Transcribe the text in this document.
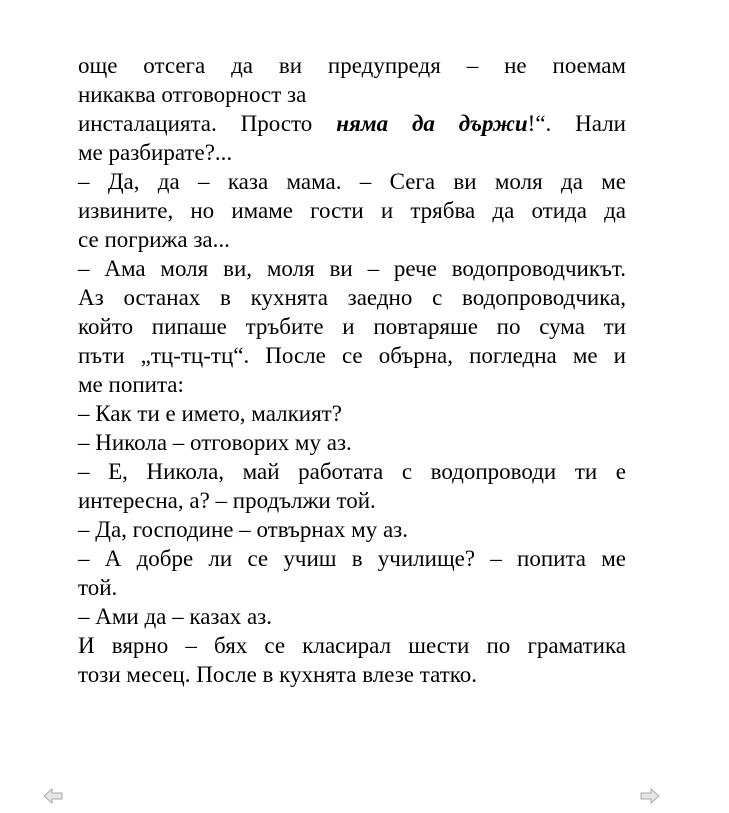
още отсега да ви предупредя – не поемам
никаква отговорност за
инсталацията. Просто няма да държи!“. Нали
ме разбирате?...
– Да, да – каза мама. – Сега ви моля да ме
извините, но имаме гости и трябва да отида да
се погрижа за...
– Ама моля ви, моля ви – рече водопроводчикът.
Аз останах в кухнята заедно с водопроводчика,
който пипаше тръбите и повтаряше по сума ти
пъти „тц-тц-тц“. После се обърна, погледна ме и
ме попита:
– Как ти е името, малкият?
– Никола – отговорих му аз.
– Е, Никола, май работата с водопроводи ти е
интересна, а? – продължи той.
– Да, господине – отвърнах му аз.
– А добре ли се учиш в училище? – попита ме
той.
– Ами да – казах аз.
И вярно – бях се класирал шести по граматика
този месец. После в кухнята влезе татко.
